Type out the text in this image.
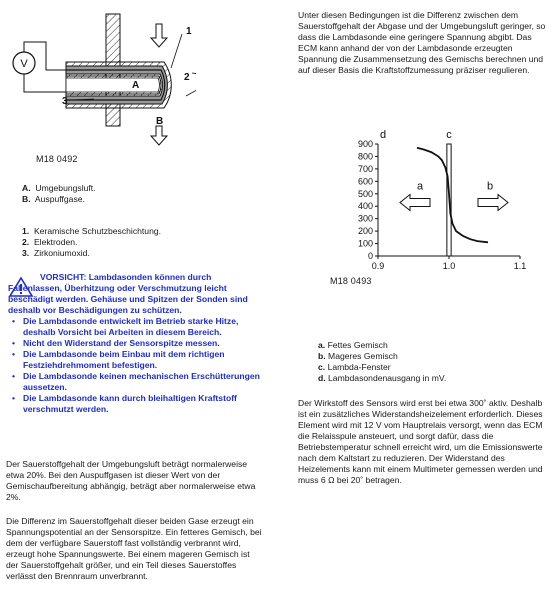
V
1
2
3
A
B
M18 0492

A. Umgebungsluft.

B. Auspuffgase.

1. Keramische Schutzbeschichtung.

2. Elektroden.

3. Zirkoniumoxid.

VORSICHT: Lambdasonden können durch Fallenlassen, Überhitzung oder Verschmutzung leicht beschädigt werden. Gehäuse und Spitzen der Sonden sind deshalb vor Beschädigungen zu schützen.
• Die Lambdasonde entwickelt im Betrieb starke Hitze, deshalb Vorsicht bei Arbeiten in diesem Bereich.
• Nicht den Widerstand der Sensorspitze messen.
• Die Lambdasonde beim Einbau mit dem richtigen Festziehdrehmoment befestigen.
• Die Lambdasonde keinen mechanischen Erschütterungen aussetzen.
• Die Lambdasonde kann durch bleihaltigen Kraftstoff verschmutzt werden.
Der Sauerstoffgehalt der Umgebungsluft beträgt normalerweise etwa 20%. Bei den Auspuffgasen ist dieser Wert von der Gemischaufbereitung abhängig, beträgt aber normalerweise etwa 2%.
Die Differenz im Sauerstoffgehalt dieser beiden Gase erzeugt ein Spannungspotential an der Sensorspitze. Ein fetteres Gemisch, bei dem der verfügbare Sauerstoff fast vollständig verbrannt wird, erzeugt hohe Spannungswerte. Bei einem mageren Gemisch ist der Sauerstoffgehalt größer, und ein Teil dieses Sauerstoffes verlässt den Brennraum unverbrannt.
Unter diesen Bedingungen ist die Differenz zwischen dem Sauerstoffgehalt der Abgase und der Umgebungsluft geringer, so dass die Lambdasonde eine geringere Spannung abgibt. Das ECM kann anhand der von der Lambdasonde erzeugten Spannung die Zusammensetzung des Gemischs berechnen und auf dieser Basis die Kraftstoffzumessung präziser regulieren.
0
100
200
300
400
500
600
700
800
900
0.9	1.0	1.1
d	c
a	b
M18 0493

a. Fettes Gemisch

b. Mageres Gemisch

c. Lambda-Fenster

d. Lambdasondenausgang in mV.

Der Wirkstoff des Sensors wird erst bei etwa 300˚ aktiv. Deshalb ist ein zusätzliches Widerstandsheizelement erforderlich. Dieses Element wird mit 12 V vom Hauptrelais versorgt, wenn das ECM die Relaisspule ansteuert, und sorgt dafür, dass die Betriebstemperatur schnell erreicht wird, um die Emissionswerte nach dem Kaltstart zu reduzieren. Der Widerstand des Heizelements kann mit einem Multimeter gemessen werden und muss 6 Ω bei 20˚ betragen.
